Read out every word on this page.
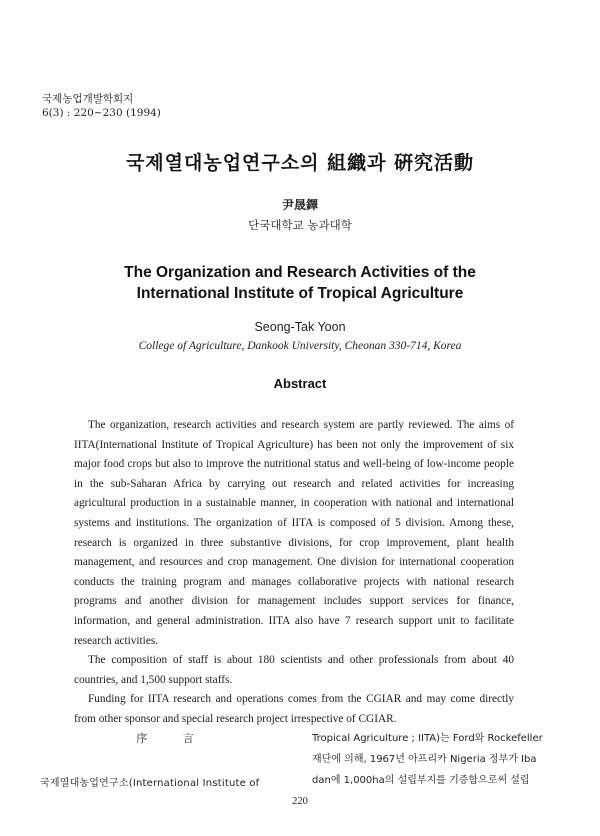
국제농업개발학회지
6(3) : 220~230 (1994)
국제열대농업연구소의 組織과 硏究活動
尹晟鐸
단국대학교 농과대학
The Organization and Research Activities of the
International Institute of Tropical Agriculture
Seong-Tak Yoon
College of Agriculture, Dankook University, Cheonan 330-714, Korea
Abstract

The organization, research activities and research system are partly reviewed. The aims of IITA(International Institute of Tropical Agriculture) has been not only the improvement of six major food crops but also to improve the nutritional status and well-being of low-income people in the sub-Saharan Africa by carrying out research and related activities for increasing agricultural production in a sustainable manner, in cooperation with national and international systems and institutions. The organization of IITA is composed of 5 division. Among these, research is organized in three substantive divisions, for crop improvement, plant health management, and resources and crop management. One division for international cooperation conducts the training program and manages collaborative projects with national research programs and another division for management includes support services for finance, information, and general administration. IITA also have 7 research support unit to facilitate research activities.

The composition of staff is about 180 scientists and other professionals from about 40 countries, and 1,500 support staffs.

Funding for IITA research and operations comes from the CGIAR and may come directly from other sponsor and special research project irrespective of CGIAR.

序 言
국제열대농업연구소(International Institute of
Tropical Agriculture ; IITA)는 Ford와 Rockefeller
재단에 의해, 1967년 아프리카 Nigeria 정부가 Iba
dan에 1,000ha의 설립부지를 기증함으로써 설립
220
